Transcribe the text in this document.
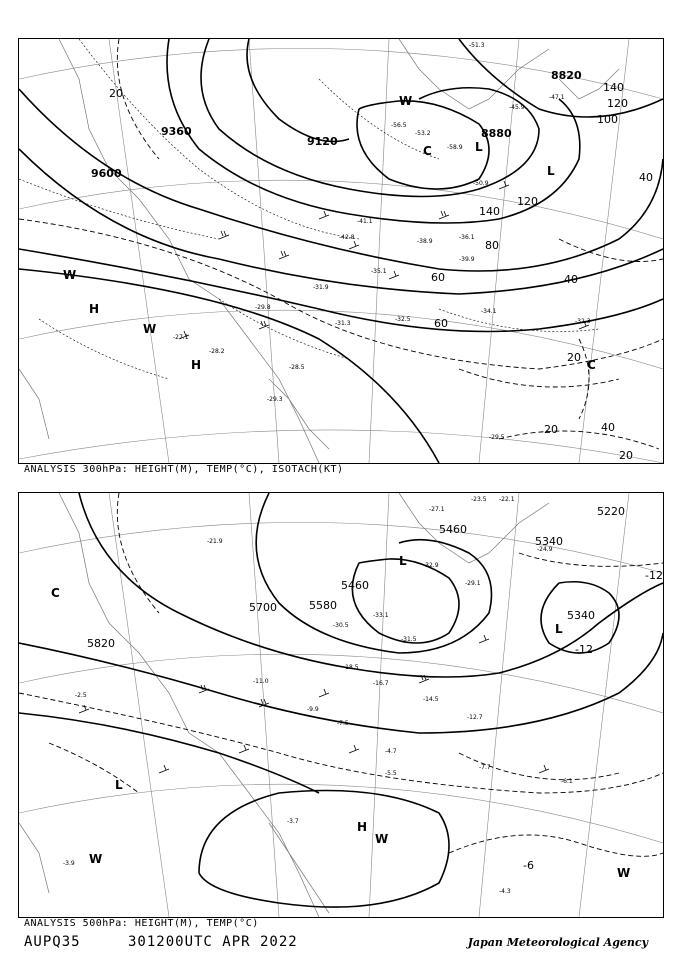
9600
9360
9120
8880
8820
20
20
20
20
40
40
40
60
60
80
100
120
120
140
140
H
H
L
L
W
W
W
C
C
-51.3
-53.2
-58.9
-56.5
-45.9
-47.1
-36.1
-35.1
-32.5
-31.3
-29.8
-28.2
-27.1
-28.5
-29.3
-32.3
-34.1
-31.9
-38.9
-39.9
-42.8
-41.1
-50.9
-29.5
ANALYSIS 300hPa: HEIGHT(M), TEMP(°C), ISOTACH(KT)
5820
5700	5580
5460
5460
5340
5340
5220
-6
-12
-12
L
L
L
H
W
W
W
C
-23.5 -22.1
-21.9
-27.1
-29.1
-30.5
-32.9
-33.1
-31.5
-24.9
-18.5
-16.7
-14.5
-12.7
-11.0
-9.9
-7.5
-7.7
-6.1
-5.5
-4.7
-4.3
-3.7
-3.9
-2.5
ANALYSIS 500hPa: HEIGHT(M), TEMP(°C)
AUPQ35	301200UTC APR 2022	Japan Meteorological Agency
